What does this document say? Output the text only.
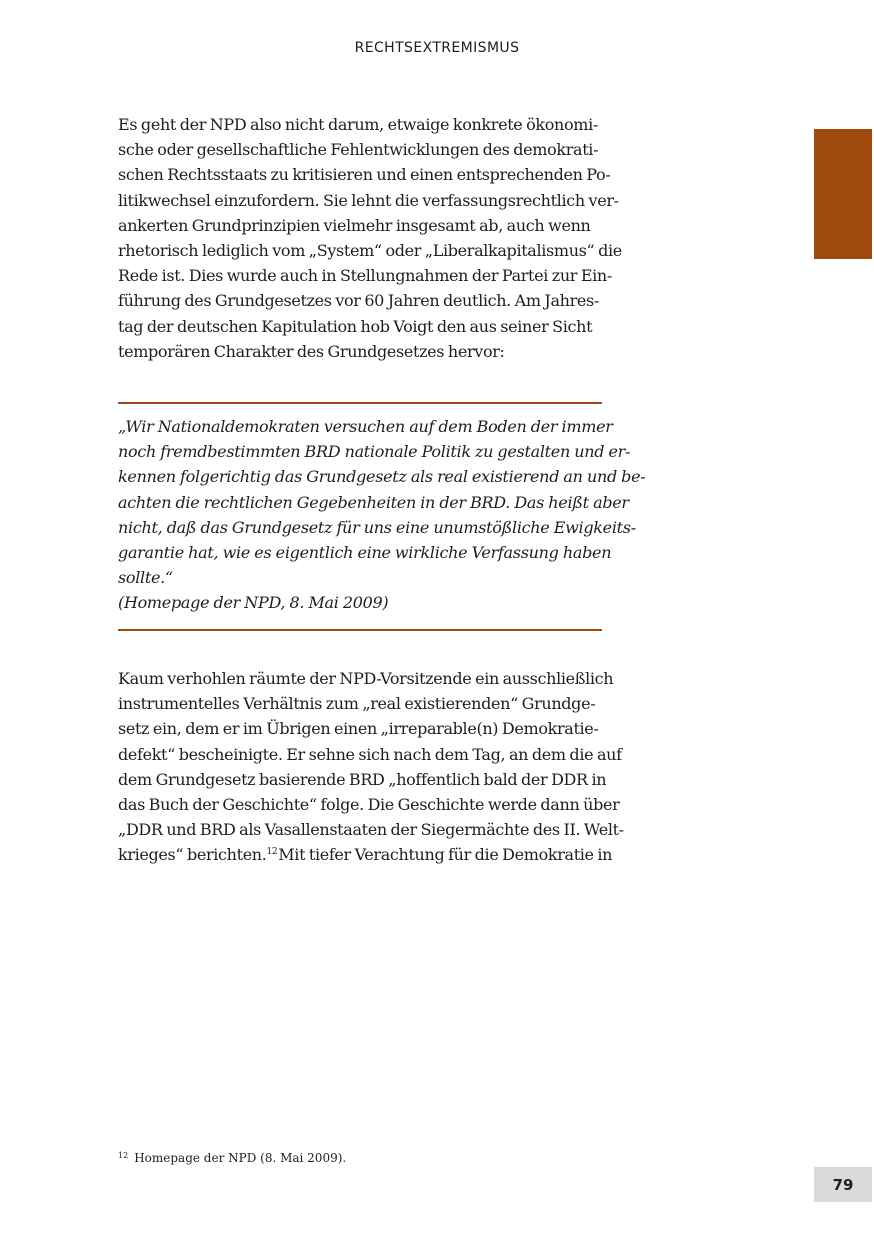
RECHTSEXTREMISMUS
Es geht der NPD also nicht darum, etwaige konkrete ökonomi-
sche oder gesellschaftliche Fehlentwicklungen des demokrati-
schen Rechtsstaats zu kritisieren und einen entsprechenden Po-
litikwechsel einzufordern. Sie lehnt die verfassungsrechtlich ver-
ankerten Grundprinzipien vielmehr insgesamt ab, auch wenn
rhetorisch lediglich vom „System“ oder „Liberalkapitalismus“ die
Rede ist. Dies wurde auch in Stellungnahmen der Partei zur Ein-
führung des Grundgesetzes vor 60 Jahren deutlich. Am Jahres-
tag der deutschen Kapitulation hob Voigt den aus seiner Sicht
temporären Charakter des Grundgesetzes hervor:
„Wir Nationaldemokraten versuchen auf dem Boden der immer
noch fremdbestimmten BRD nationale Politik zu gestalten und er-
kennen folgerichtig das Grundgesetz als real existierend an und be-
achten die rechtlichen Gegebenheiten in der BRD. Das heißt aber
nicht, daß das Grundgesetz für uns eine unumstößliche Ewigkeits-
garantie hat, wie es eigentlich eine wirkliche Verfassung haben
sollte.“
(Homepage der NPD, 8. Mai 2009)
Kaum verhohlen räumte der NPD-Vorsitzende ein ausschließlich
instrumentelles Verhältnis zum „real existierenden“ Grundge-
setz ein, dem er im Übrigen einen „irreparable(n) Demokratie-
defekt“ bescheinigte. Er sehne sich nach dem Tag, an dem die auf
dem Grundgesetz basierende BRD „hoffentlich bald der DDR in
das Buch der Geschichte“ folge. Die Geschichte werde dann über
„DDR und BRD als Vasallenstaaten der Siegermächte des II. Welt-
krieges“ berichten.$^{12}$ Mit tiefer Verachtung für die Demokratie in
$^{12}$ Homepage der NPD (8. Mai 2009).
79
